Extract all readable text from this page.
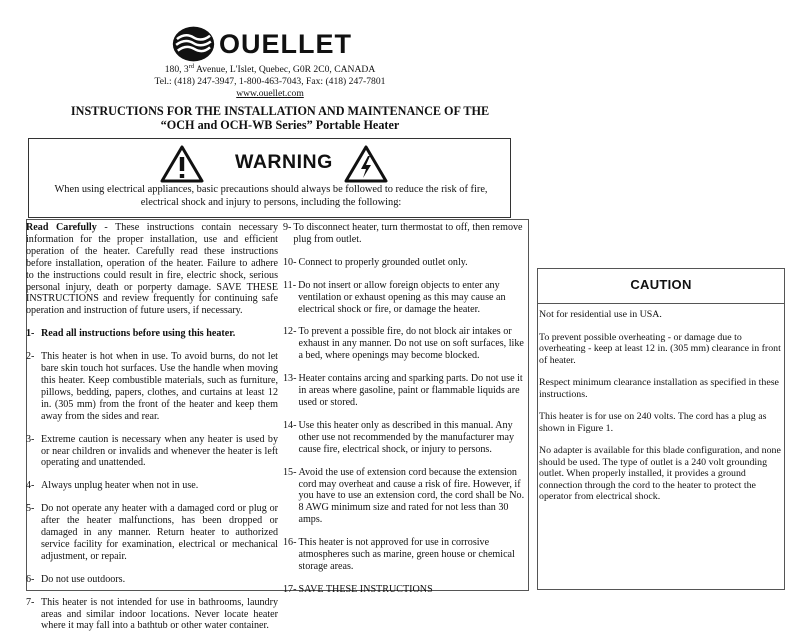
OUELLET
180, 3rd Avenue, L'Islet, Quebec, G0R 2C0, CANADA
Tel.: (418) 247-3947, 1-800-463-7043, Fax: (418) 247-7801
www.ouellet.com
INSTRUCTIONS FOR THE INSTALLATION AND MAINTENANCE OF THE
“OCH and OCH-WB Series” Portable Heater
WARNING
When using electrical appliances, basic precautions should always be followed to reduce the risk of fire,
electrical shock and injury to persons, including the following:

Read Carefully - These instructions contain necessary information for the proper installation, use and efficient operation of the heater. Carefully read these instructions before installation, operation of the heater. Failure to adhere to the instructions could result in fire, electric shock, serious personal injury, death or porperty damage. SAVE THESE INSTRUCTIONS and review frequently for continuing safe operation and instruction of future users, if necessary.

1- Read all instructions before using this heater.
2- This heater is hot when in use. To avoid burns, do not let bare skin touch hot surfaces. Use the handle when moving this heater. Keep combustible materials, such as furniture, pillows, bedding, papers, clothes, and curtains at least 12 in. (305 mm) from the front of the heater and keep them away from the sides and rear.
3- Extreme caution is necessary when any heater is used by or near children or invalids and whenever the heater is left operating and unattended.
4- Always unplug heater when not in use.
5- Do not operate any heater with a damaged cord or plug or after the heater malfunctions, has been dropped or damaged in any manner. Return heater to authorized service facility for examination, electrical or mechanical adjustment, or repair.
6- Do not use outdoors.
7- This heater is not intended for use in bathrooms, laundry areas and similar indoor locations. Never locate heater where it may fall into a bathtub or other water container.
9- To disconnect heater, turn thermostat to off, then remove plug from outlet.
10- Connect to properly grounded outlet only.
11- Do not insert or allow foreign objects to enter any ventilation or exhaust opening as this may cause an electrical shock or fire, or damage the heater.
12- To prevent a possible fire, do not block air intakes or exhaust in any manner. Do not use on soft surfaces, like a bed, where openings may become blocked.
13- Heater contains arcing and sparking parts. Do not use it in areas where gasoline, paint or flammable liquids are used or stored.
14- Use this heater only as described in this manual. Any other use not recommended by the manufacturer may cause fire, electrical shock, or injury to persons.
15- Avoid the use of extension cord because the extension cord may overheat and cause a risk of fire. However, if you have to use an extension cord, the cord shall be No. 8 AWG minimum size and rated for not less than 30 amps.
16- This heater is not approved for use in corrosive atmospheres such as marine, green house or chemical storage areas.
17- SAVE THESE INSTRUCTIONS
CAUTION

Not for residential use in USA.

To prevent possible overheating - or damage due to overheating - keep at least 12 in. (305 mm) clearance in front of heater.

Respect minimum clearance installation as specified in these instructions.

This heater is for use on 240 volts. The cord has a plug as shown in Figure 1.

No adapter is available for this blade configuration, and none should be used. The type of outlet is a 240 volt grounding outlet. When properly installed, it provides a ground connection through the cord to the heater to protect the operator from electrical shock.
